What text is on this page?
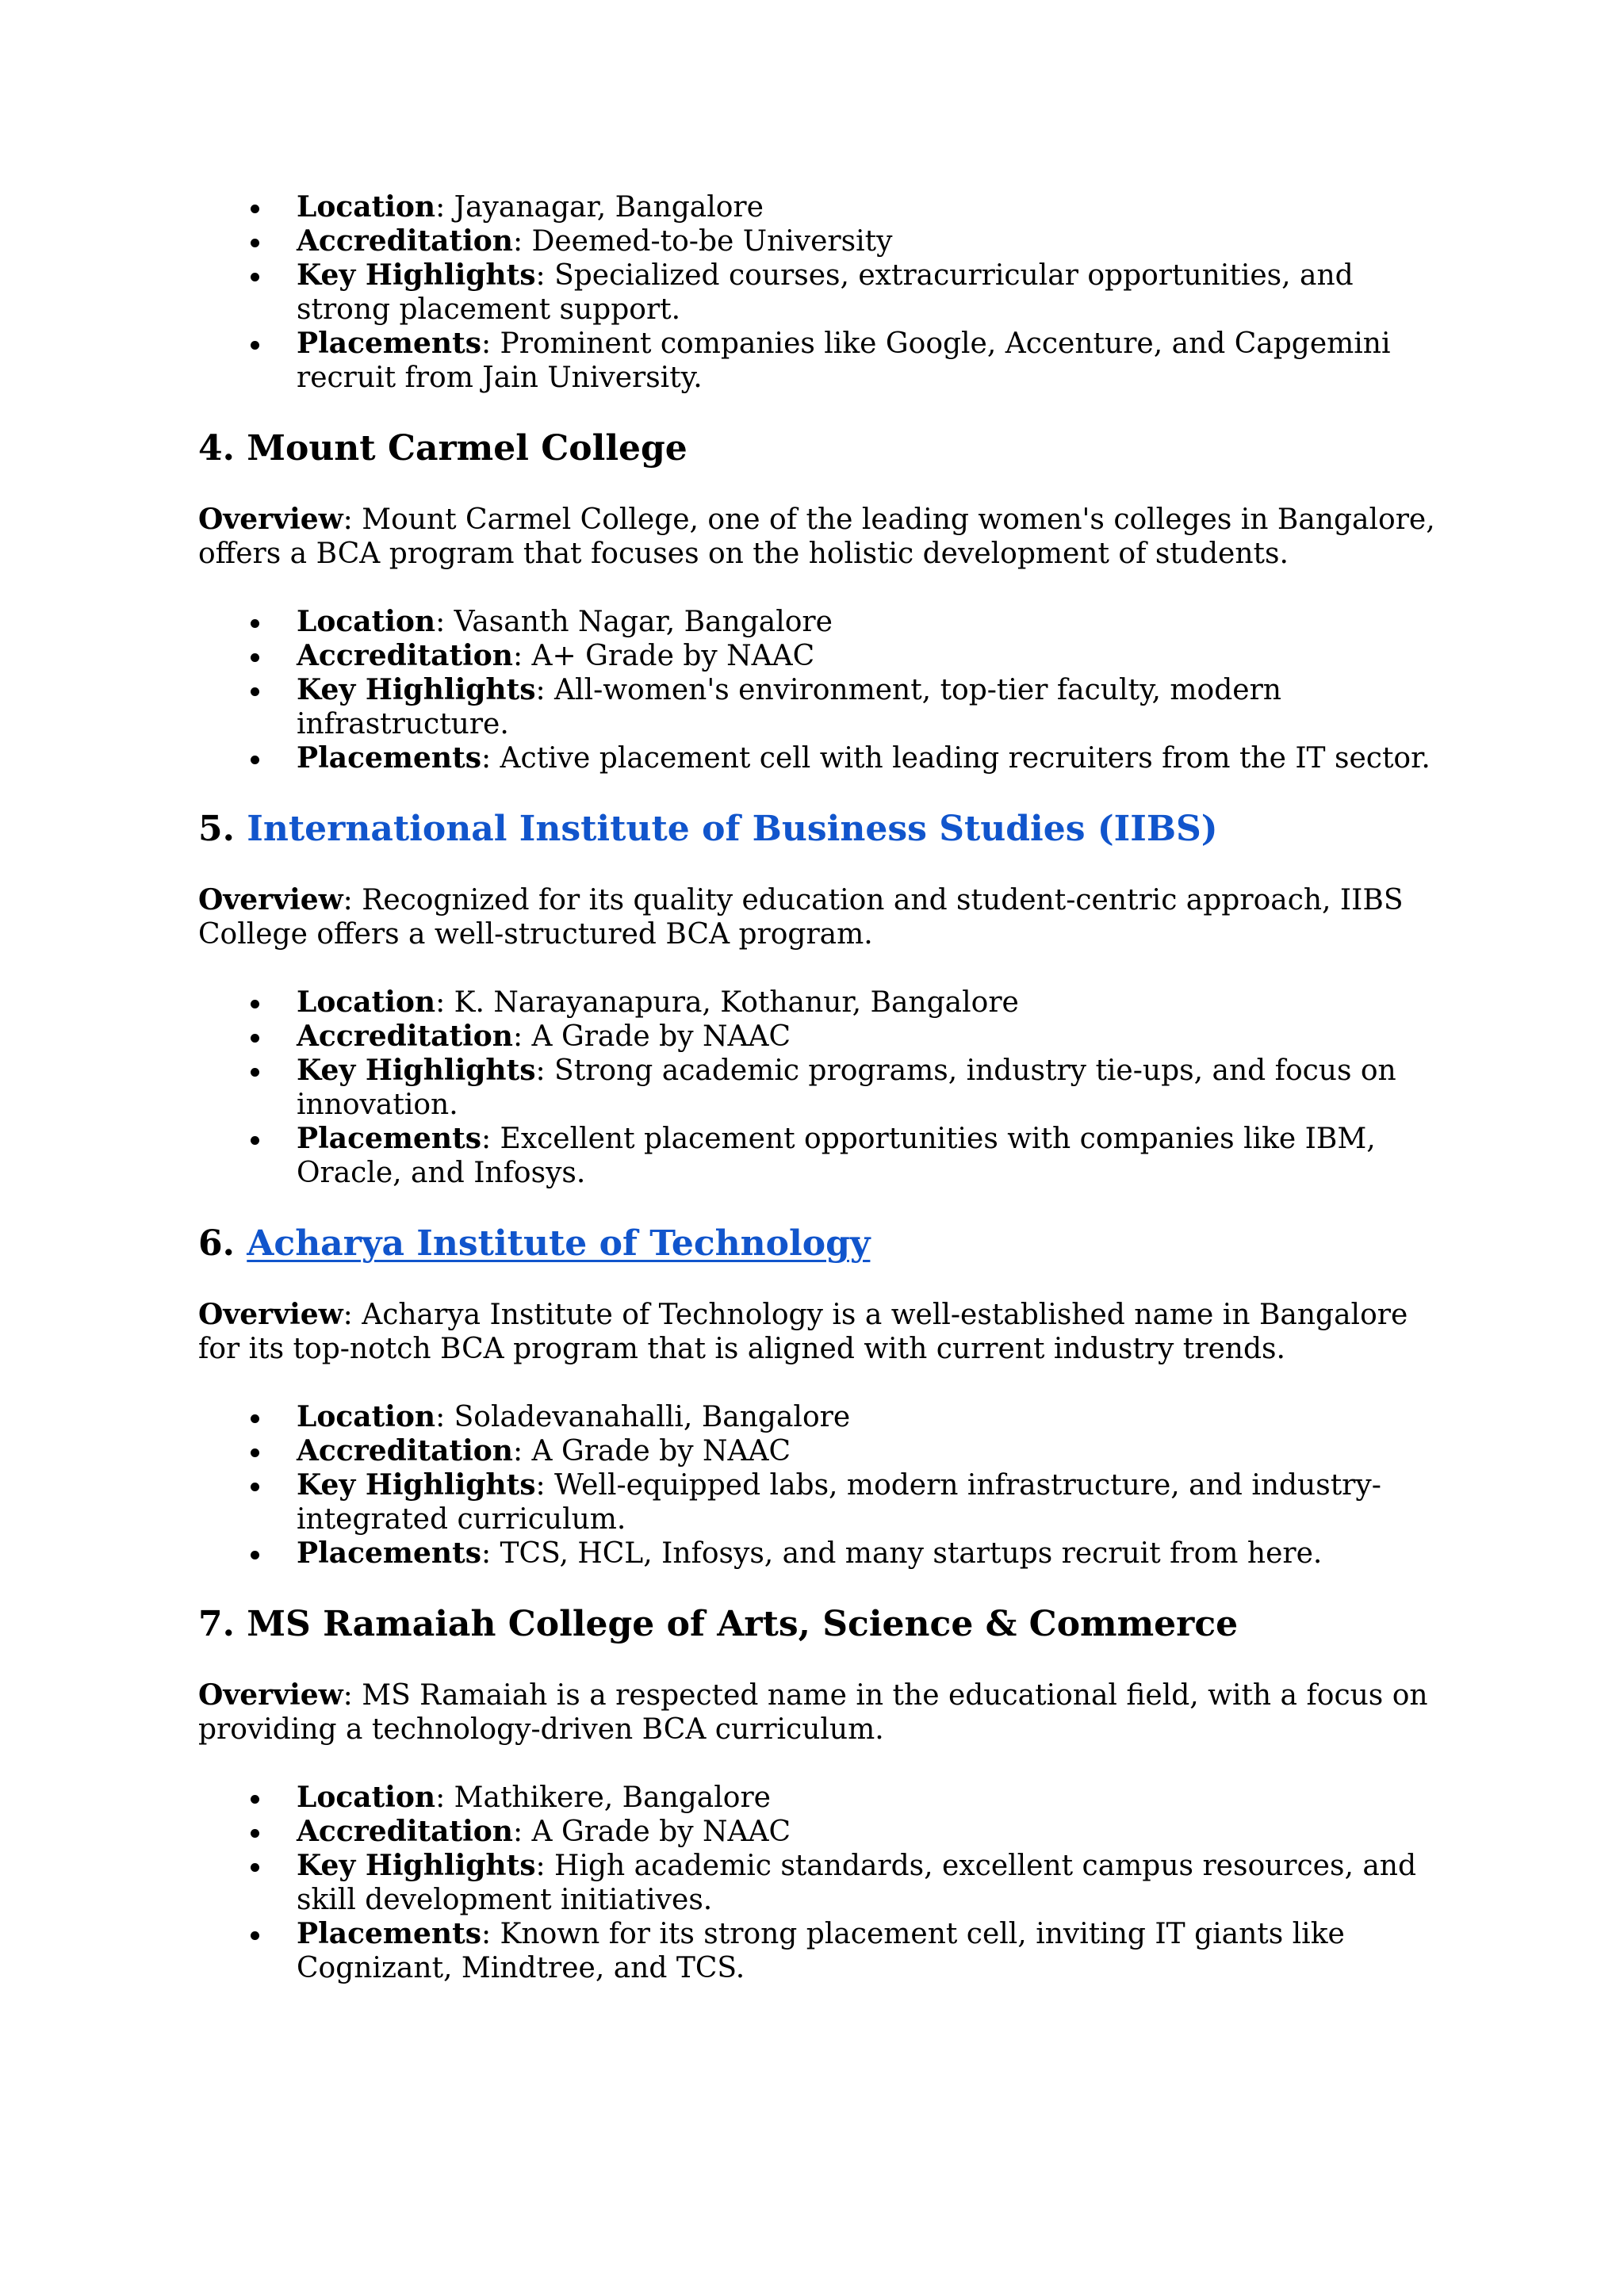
Location: Jayanagar, Bangalore
Accreditation: Deemed-to-be University
Key Highlights: Specialized courses, extracurricular opportunities, and strong placement support.
Placements: Prominent companies like Google, Accenture, and Capgemini recruit from Jain University.
4. Mount Carmel College

Overview: Mount Carmel College, one of the leading women's colleges in Bangalore, offers a BCA program that focuses on the holistic development of students.

Location: Vasanth Nagar, Bangalore
Accreditation: A+ Grade by NAAC
Key Highlights: All-women's environment, top-tier faculty, modern infrastructure.
Placements: Active placement cell with leading recruiters from the IT sector.
5. International Institute of Business Studies (IIBS)

Overview: Recognized for its quality education and student-centric approach, IIBS College offers a well-structured BCA program.

Location: K. Narayanapura, Kothanur, Bangalore
Accreditation: A Grade by NAAC
Key Highlights: Strong academic programs, industry tie-ups, and focus on innovation.
Placements: Excellent placement opportunities with companies like IBM, Oracle, and Infosys.
6. Acharya Institute of Technology

Overview: Acharya Institute of Technology is a well-established name in Bangalore for its top-notch BCA program that is aligned with current industry trends.

Location: Soladevanahalli, Bangalore
Accreditation: A Grade by NAAC
Key Highlights: Well-equipped labs, modern infrastructure, and industry-integrated curriculum.
Placements: TCS, HCL, Infosys, and many startups recruit from here.
7. MS Ramaiah College of Arts, Science & Commerce

Overview: MS Ramaiah is a respected name in the educational field, with a focus on providing a technology-driven BCA curriculum.

Location: Mathikere, Bangalore
Accreditation: A Grade by NAAC
Key Highlights: High academic standards, excellent campus resources, and skill development initiatives.
Placements: Known for its strong placement cell, inviting IT giants like Cognizant, Mindtree, and TCS.
